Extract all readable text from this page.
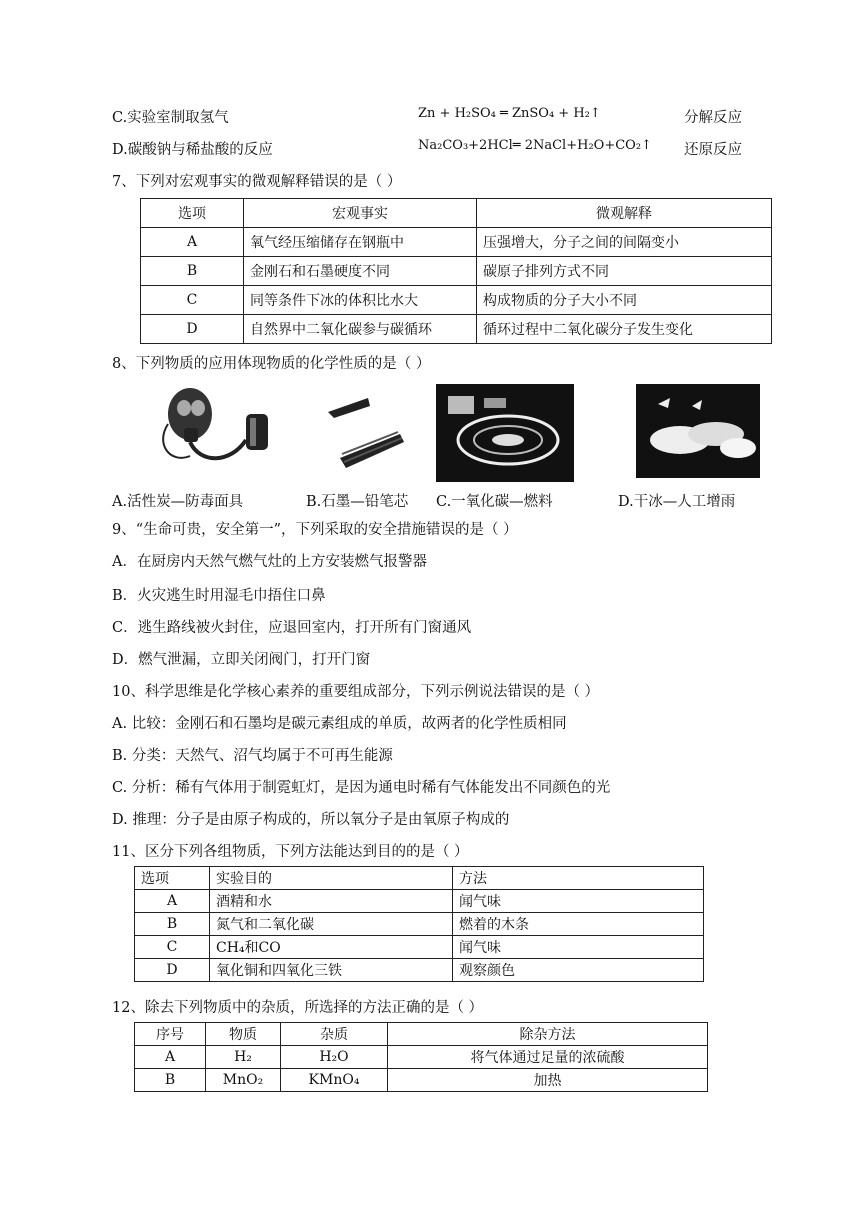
C.实验室制取氢气	Zn + H₂SO₄ ═ ZnSO₄ + H₂↑	分解反应
D.碳酸钠与稀盐酸的反应	Na₂CO₃+2HCl═ 2NaCl+H₂O+CO₂↑ 还原反应
7、下列对宏观事实的微观解释错误的是（ ）
选项	宏观事实	微观解释
A	氧气经压缩储存在钢瓶中	压强增大，分子之间的间隔变小
B	金刚石和石墨硬度不同	碳原子排列方式不同
C	同等条件下冰的体积比水大	构成物质的分子大小不同
D	自然界中二氧化碳参与碳循环	循环过程中二氧化碳分子发生变化
8、下列物质的应用体现物质的化学性质的是（ ）
A.活性炭—防毒面具	B.石墨—铅笔芯 C.一氧化碳—燃料	D.干冰—人工增雨
9、“生命可贵，安全第一”，下列采取的安全措施错误的是（ ）
A．在厨房内天然气燃气灶的上方安装燃气报警器
B．火灾逃生时用湿毛巾捂住口鼻
C．逃生路线被火封住，应退回室内，打开所有门窗通风
D．燃气泄漏，立即关闭阀门，打开门窗
10、科学思维是化学核心素养的重要组成部分，下列示例说法错误的是（ ）
A. 比较：金刚石和石墨均是碳元素组成的单质，故两者的化学性质相同
B. 分类：天然气、沼气均属于不可再生能源
C. 分析：稀有气体用于制霓虹灯，是因为通电时稀有气体能发出不同颜色的光
D. 推理：分子是由原子构成的，所以氧分子是由氧原子构成的
11、区分下列各组物质，下列方法能达到目的的是（ ）
选项	实验目的	方法
A	酒精和水	闻气味
B	氮气和二氧化碳	燃着的木条
C	CH₄和CO	闻气味
D	氧化铜和四氧化三铁	观察颜色
12、除去下列物质中的杂质，所选择的方法正确的是（ ）
序号	物质	杂质	除杂方法
A	H₂	H₂O	将气体通过足量的浓硫酸
B	MnO₂	KMnO₄	加热
